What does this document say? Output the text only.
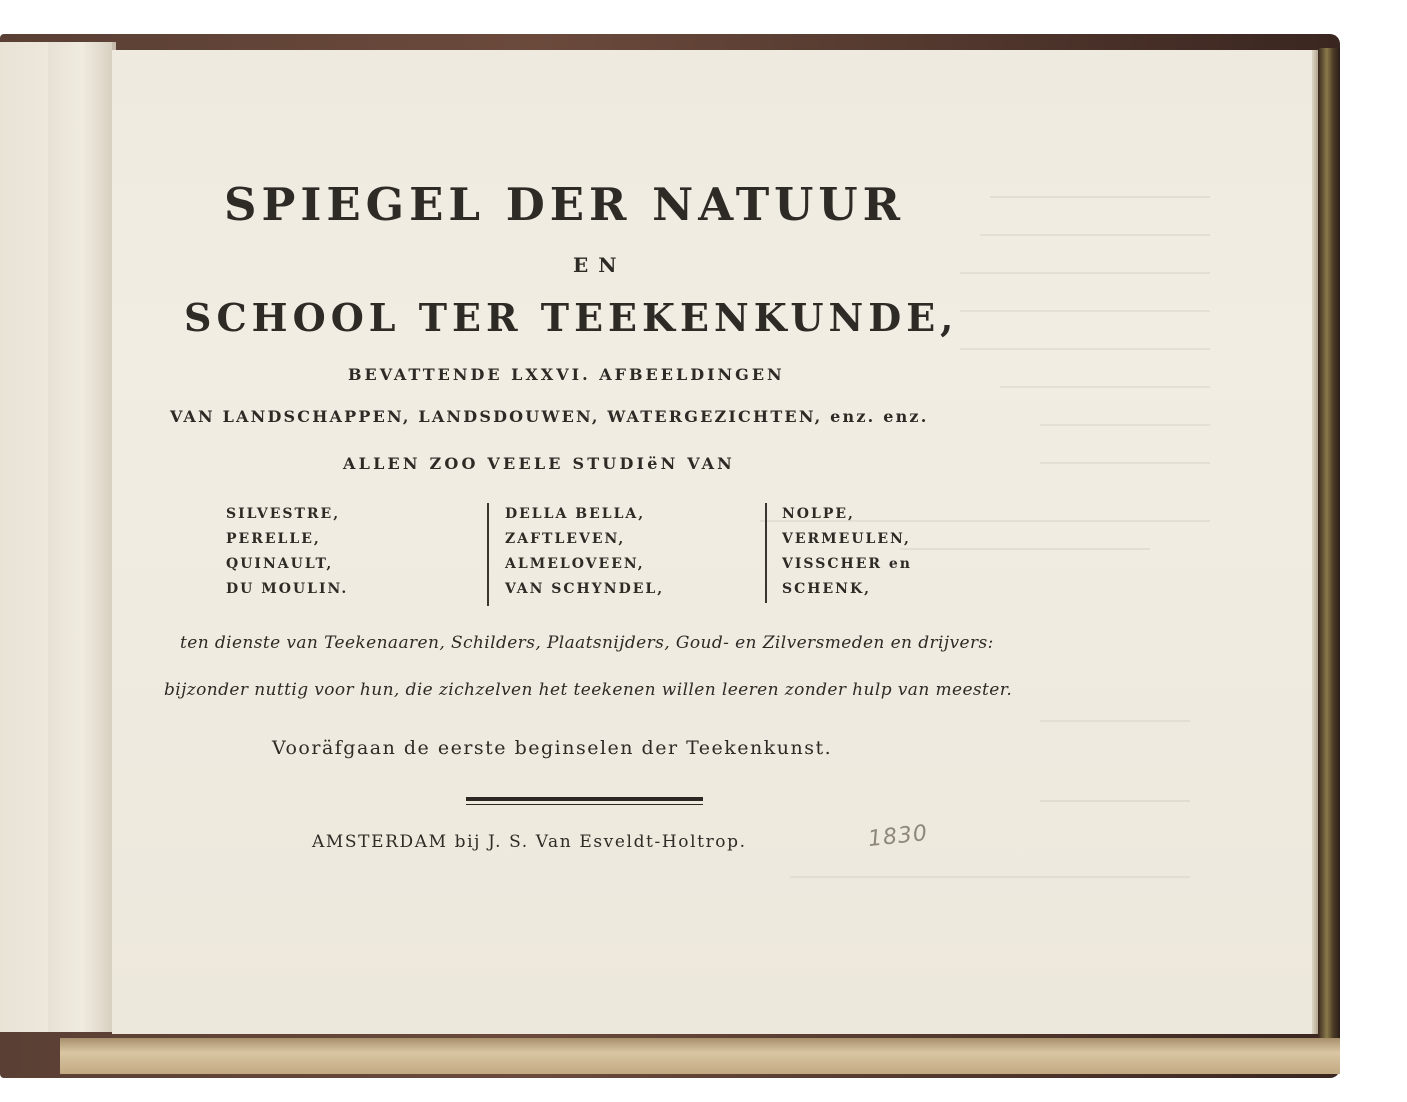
SPIEGEL DER NATUUR
EN
SCHOOL TER TEEKENKUNDE,
BEVATTENDE LXXVI. AFBEELDINGEN
VAN LANDSCHAPPEN, LANDSDOUWEN, WATERGEZICHTEN, enz. enz.
ALLEN ZOO VEELE STUDIëN VAN
SILVESTRE,
PERELLE,
QUINAULT,
DU MOULIN.
DELLA BELLA,
ZAFTLEVEN,
ALMELOVEEN,
VAN SCHYNDEL,
NOLPE,
VERMEULEN,
VISSCHER en
SCHENK,
ten dienste van Teekenaaren, Schilders, Plaatsnijders, Goud- en Zilversmeden en drijvers:
bijzonder nuttig voor hun, die zichzelven het teekenen willen leeren zonder hulp van meester.
Vooräfgaan de eerste beginselen der Teekenkunst.
AMSTERDAM bij J. S. Van Esveldt-Holtrop.	1830
